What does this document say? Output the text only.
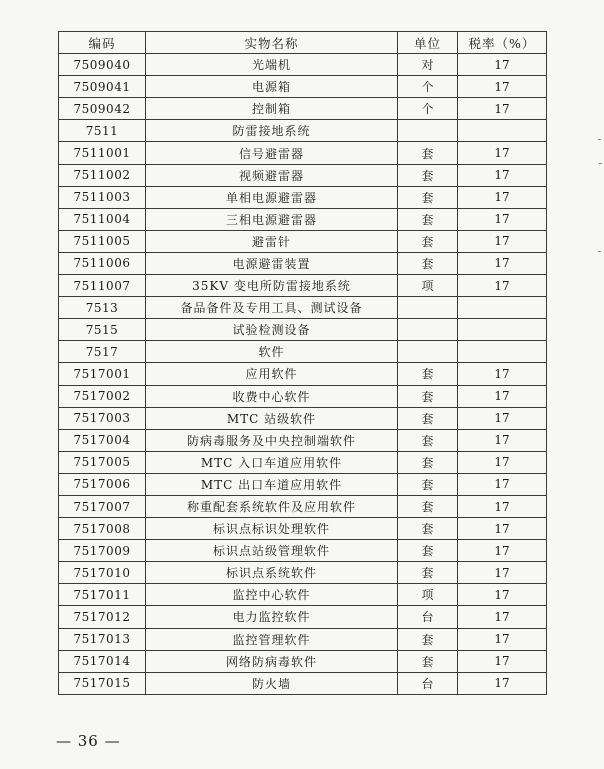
编码	实物名称	单位	税率（%）
7509040	光端机	对	17
7509041	电源箱	个	17
7509042	控制箱	个	17
7511	防雷接地系统		
7511001	信号避雷器	套	17
7511002	视频避雷器	套	17
7511003	单相电源避雷器	套	17
7511004	三相电源避雷器	套	17
7511005	避雷针	套	17
7511006	电源避雷装置	套	17
7511007	35KV 变电所防雷接地系统	项	17
7513	备品备件及专用工具、测试设备		
7515	试验检测设备		
7517	软件		
7517001	应用软件	套	17
7517002	收费中心软件	套	17
7517003	MTC 站级软件	套	17
7517004	防病毒服务及中央控制端软件	套	17
7517005	MTC 入口车道应用软件	套	17
7517006	MTC 出口车道应用软件	套	17
7517007	称重配套系统软件及应用软件	套	17
7517008	标识点标识处理软件	套	17
7517009	标识点站级管理软件	套	17
7517010	标识点系统软件	套	17
7517011	监控中心软件	项	17
7517012	电力监控软件	台	17
7517013	监控管理软件	套	17
7517014	网络防病毒软件	套	17
7517015	防火墙	台	17
— 36 —
